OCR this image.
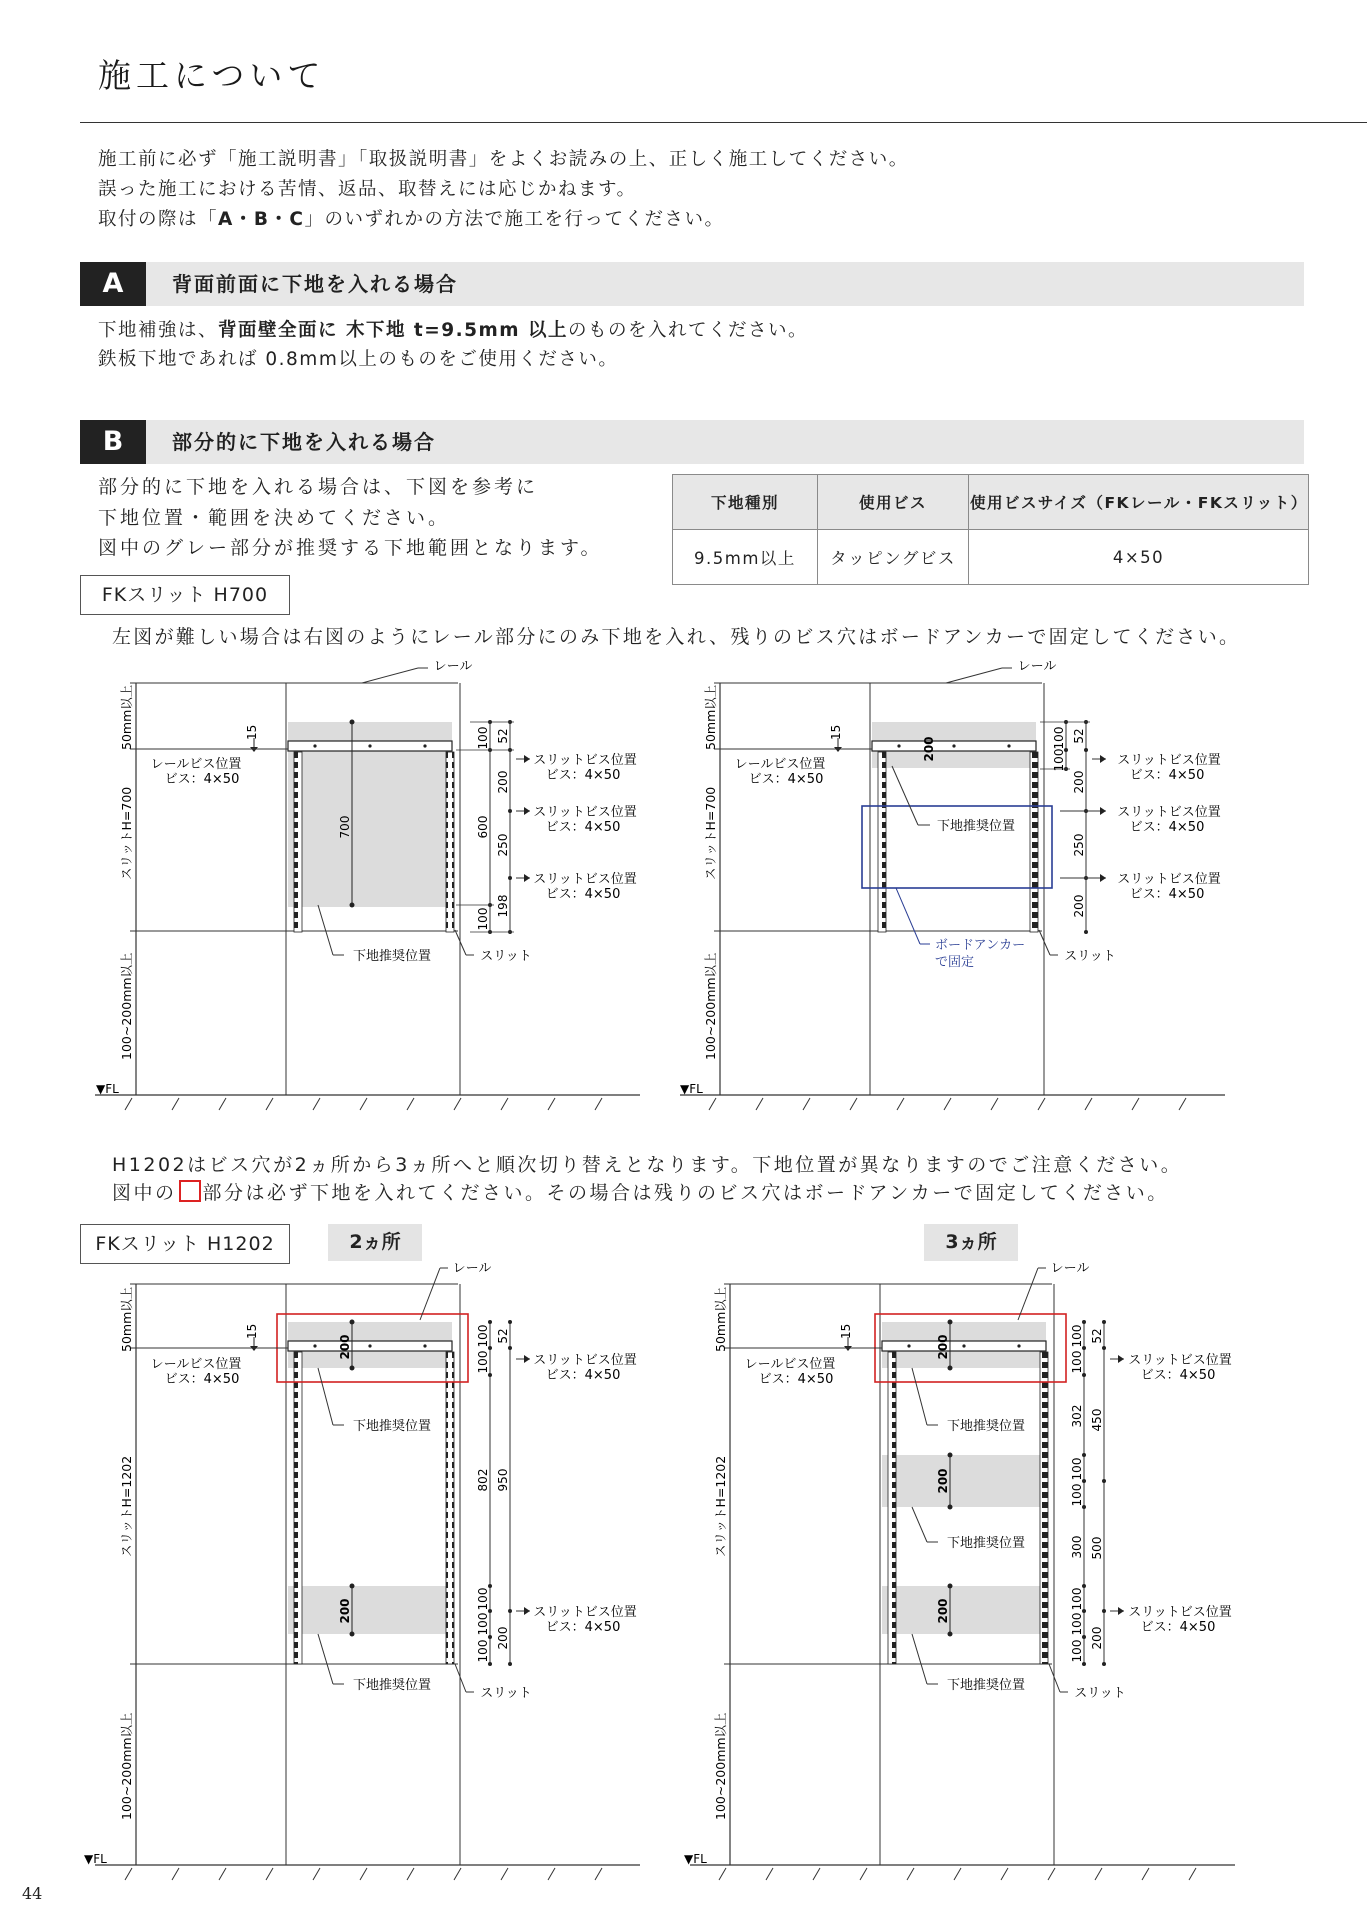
施工について
施工前に必ず「施工説明書」「取扱説明書」をよくお読みの上、正しく施工してください。
誤った施工における苦情、返品、取替えには応じかねます。
取付の際は「A・B・C」のいずれかの方法で施工を行ってください。
A	背面前面に下地を入れる場合
下地補強は、背面壁全面に 木下地 t=9.5mm 以上のものを入れてください。
鉄板下地であれば 0.8mm以上のものをご使用ください。
B	部分的に下地を入れる場合
部分的に下地を入れる場合は、下図を参考に
下地位置・範囲を決めてください。
図中のグレー部分が推奨する下地範囲となります。
下地種別	使用ビス	使用ビスサイズ（FKレール・FKスリット）
9.5mm以上	タッピングビス	4×50
FKスリット H700
左図が難しい場合は右図のようにレール部分にのみ下地を入れ、残りのビス穴はボードアンカーで固定してください。
700
レール
15
50mm以上
スリットH=700
100~200mm以上
▼FL
レールビス位置
ビス：4×50
下地推奨位置	スリット
100
600
100
52
200
250
198
スリットビス位置
ビス：4×50
スリットビス位置
ビス：4×50
スリットビス位置
ビス：4×50
200
レール
15
50mm以上
スリットH=700
100~200mm以上
▼FL
レールビス位置
ビス：4×50
下地推奨位置
ボードアンカー
で固定	スリット
100
100
52
200
250
200
スリットビス位置
ビス：4×50
スリットビス位置
ビス：4×50
スリットビス位置
ビス：4×50
H1202はビス穴が2ヵ所から3ヵ所へと順次切り替えとなります。下地位置が異なりますのでご注意ください。
図中の 部分は必ず下地を入れてください。その場合は残りのビス穴はボードアンカーで固定してください。
FKスリット H1202	2ヵ所	3ヵ所
200
200
レール
15
50mm以上
スリットH=1202
100~200mm以上
▼FL
レールビス位置
ビス：4×50
下地推奨位置
下地推奨位置
スリット
100
100
802
100
100
100
52
950
200
スリットビス位置
ビス：4×50
スリットビス位置
ビス：4×50
200
200
200
レール
15
50mm以上
スリットH=1202
100~200mm以上
▼FL
レールビス位置
ビス：4×50
下地推奨位置
下地推奨位置
下地推奨位置
スリット
100
100
302
100
100
300
100
100
100
52
450
500
200
スリットビス位置
ビス：4×50
スリットビス位置
ビス：4×50
44
